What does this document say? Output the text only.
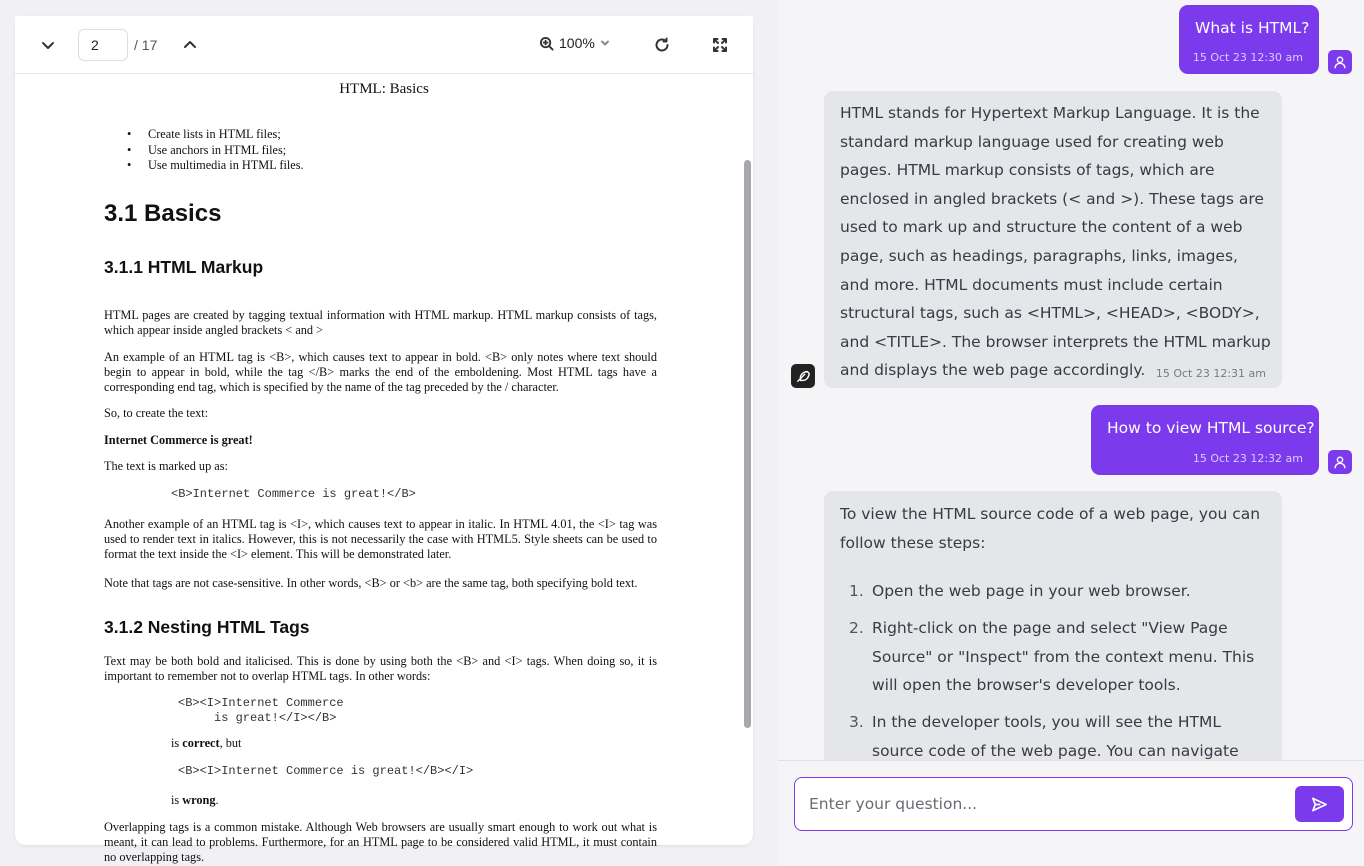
2
/ 17	100%
HTML: Basics
• Create lists in HTML files;
• Use anchors in HTML files;
• Use multimedia in HTML files.
3.1 Basics
3.1.1 HTML Markup
HTML pages are created by tagging textual information with HTML markup. HTML markup consists of tags, which appear inside angled brackets < and >
An example of an HTML tag is <B>, which causes text to appear in bold. <B> only notes where text should begin to appear in bold, while the tag </B> marks the end of the emboldening. Most HTML tags have a corresponding end tag, which is specified by the name of the tag preceded by the / character.
So, to create the text:
Internet Commerce is great!
The text is marked up as:
<B>Internet Commerce is great!</B>
Another example of an HTML tag is <I>, which causes text to appear in italic. In HTML 4.01, the <I> tag was used to render text in italics. However, this is not necessarily the case with HTML5. Style sheets can be used to format the text inside the <I> element. This will be demonstrated later.
Note that tags are not case-sensitive. In other words, <B> or <b> are the same tag, both specifying bold text.
3.1.2 Nesting HTML Tags
Text may be both bold and italicised. This is done by using both the <B> and <I> tags. When doing so, it is important to remember not to overlap HTML tags. In other words:
<B><I>Internet Commerce
is great!</I></B>
is correct, but
<B><I>Internet Commerce is great!</B></I>
is wrong.
Overlapping tags is a common mistake. Although Web browsers are usually smart enough to work out what is meant, it can lead to problems. Furthermore, for an HTML page to be considered valid HTML, it must contain no overlapping tags.
What is HTML?
15 Oct 23 12:30 am
HTML stands for Hypertext Markup Language. It is the standard markup language used for creating web pages. HTML markup consists of tags, which are enclosed in angled brackets (< and >). These tags are used to mark up and structure the content of a web page, such as headings, paragraphs, links, images, and more. HTML documents must include certain structural tags, such as <HTML>, <HEAD>, <BODY>, and <TITLE>. The browser interprets the HTML markup and displays the web page accordingly. 15 Oct 23 12:31 am
How to view HTML source?
15 Oct 23 12:32 am
To view the HTML source code of a web page, you can follow these steps:
1. Open the web page in your web browser.
2. Right-click on the page and select "View Page Source" or "Inspect" from the context menu. This will open the browser's developer tools.
3. In the developer tools, you will see the HTML source code of the web page. You can navigate
Enter your question...
